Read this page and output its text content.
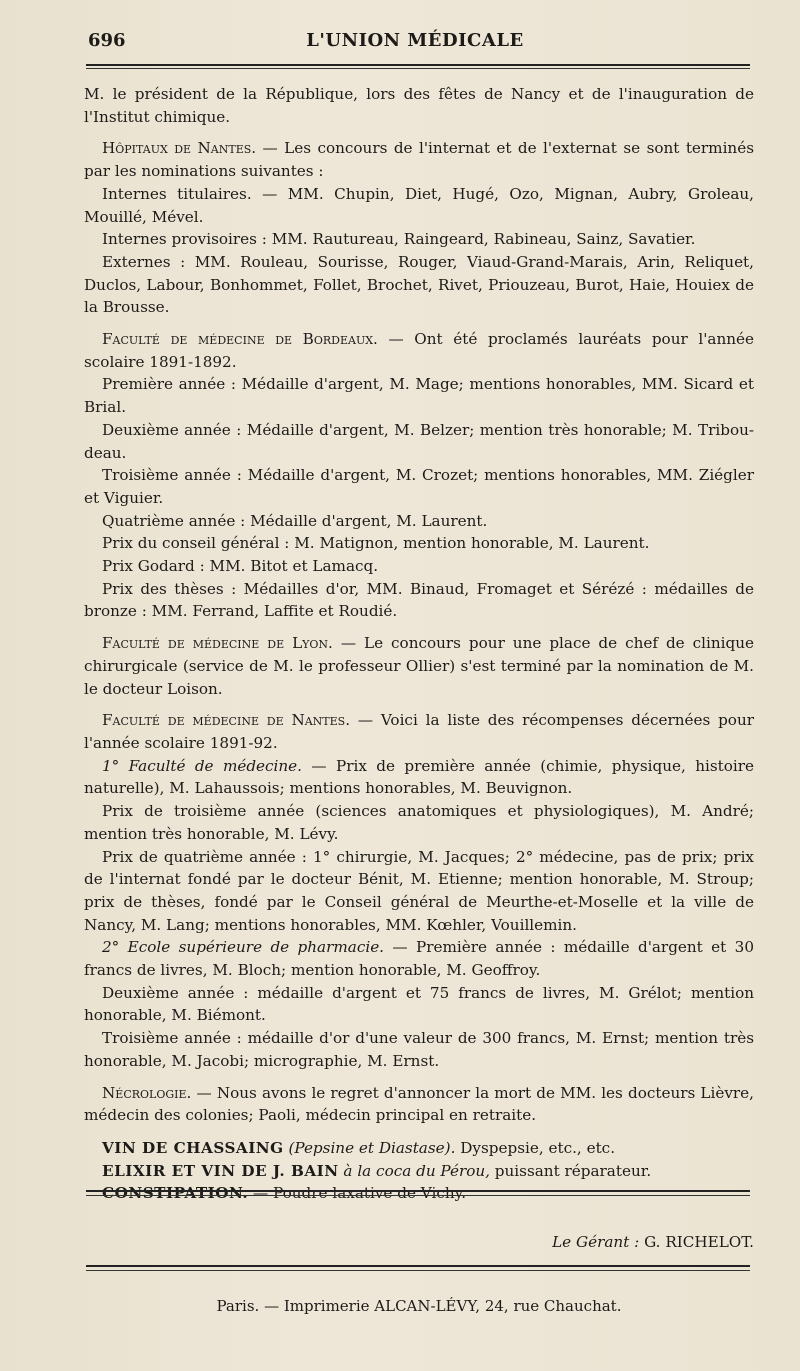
696	L'UNION MÉDICALE

M. le président de la République, lors des fêtes de Nancy et de l'inauguration de l'Institut chimique.

Hôpitaux de Nantes. — Les concours de l'internat et de l'externat se sont terminés par les nominations suivantes :

Internes titulaires. — MM. Chupin, Diet, Hugé, Ozo, Mignan, Aubry, Groleau, Mouillé, Mével.

Internes provisoires : MM. Rautureau, Raingeard, Rabineau, Sainz, Savatier.

Externes : MM. Rouleau, Sourisse, Rouger, Viaud-Grand-Marais, Arin, Reliquet, Duclos, Labour, Bonhommet, Follet, Brochet, Rivet, Priouzeau, Burot, Haie, Houiex de la Brousse.

Faculté de médecine de Bordeaux. — Ont été proclamés lauréats pour l'année scolaire 1891-1892.

Première année : Médaille d'argent, M. Mage; mentions honorables, MM. Sicard et Brial.

Deuxième année : Médaille d'argent, M. Belzer; mention très honorable; M. Tribou-deau.

Troisième année : Médaille d'argent, M. Crozet; mentions honorables, MM. Ziégler et Viguier.

Quatrième année : Médaille d'argent, M. Laurent.

Prix du conseil général : M. Matignon, mention honorable, M. Laurent.

Prix Godard : MM. Bitot et Lamacq.

Prix des thèses : Médailles d'or, MM. Binaud, Fromaget et Sérézé : médailles de bronze : MM. Ferrand, Laffite et Roudié.

Faculté de médecine de Lyon. — Le concours pour une place de chef de clinique chirurgicale (service de M. le professeur Ollier) s'est terminé par la nomination de M. le docteur Loison.

Faculté de médecine de Nantes. — Voici la liste des récompenses décernées pour l'année scolaire 1891-92.

1° Faculté de médecine. — Prix de première année (chimie, physique, histoire naturelle), M. Lahaussois; mentions honorables, M. Beuvignon.

Prix de troisième année (sciences anatomiques et physiologiques), M. André; mention très honorable, M. Lévy.

Prix de quatrième année : 1° chirurgie, M. Jacques; 2° médecine, pas de prix; prix de l'internat fondé par le docteur Bénit, M. Etienne; mention honorable, M. Stroup; prix de thèses, fondé par le Conseil général de Meurthe-et-Moselle et la ville de Nancy, M. Lang; mentions honorables, MM. Kœhler, Vouillemin.

2° Ecole supérieure de pharmacie. — Première année : médaille d'argent et 30 francs de livres, M. Bloch; mention honorable, M. Geoffroy.

Deuxième année : médaille d'argent et 75 francs de livres, M. Grélot; mention honorable, M. Biémont.

Troisième année : médaille d'or d'une valeur de 300 francs, M. Ernst; mention très honorable, M. Jacobi; micrographie, M. Ernst.

Nécrologie. — Nous avons le regret d'annoncer la mort de MM. les docteurs Lièvre, médecin des colonies; Paoli, médecin principal en retraite.

VIN DE CHASSAING (Pepsine et Diastase). Dyspepsie, etc., etc.

ELIXIR ET VIN DE J. BAIN à la coca du Pérou, puissant réparateur.

CONSTIPATION. — Poudre laxative de Vichy.

Le Gérant : G. RICHELOT.
Paris. — Imprimerie ALCAN-LÉVY, 24, rue Chauchat.
